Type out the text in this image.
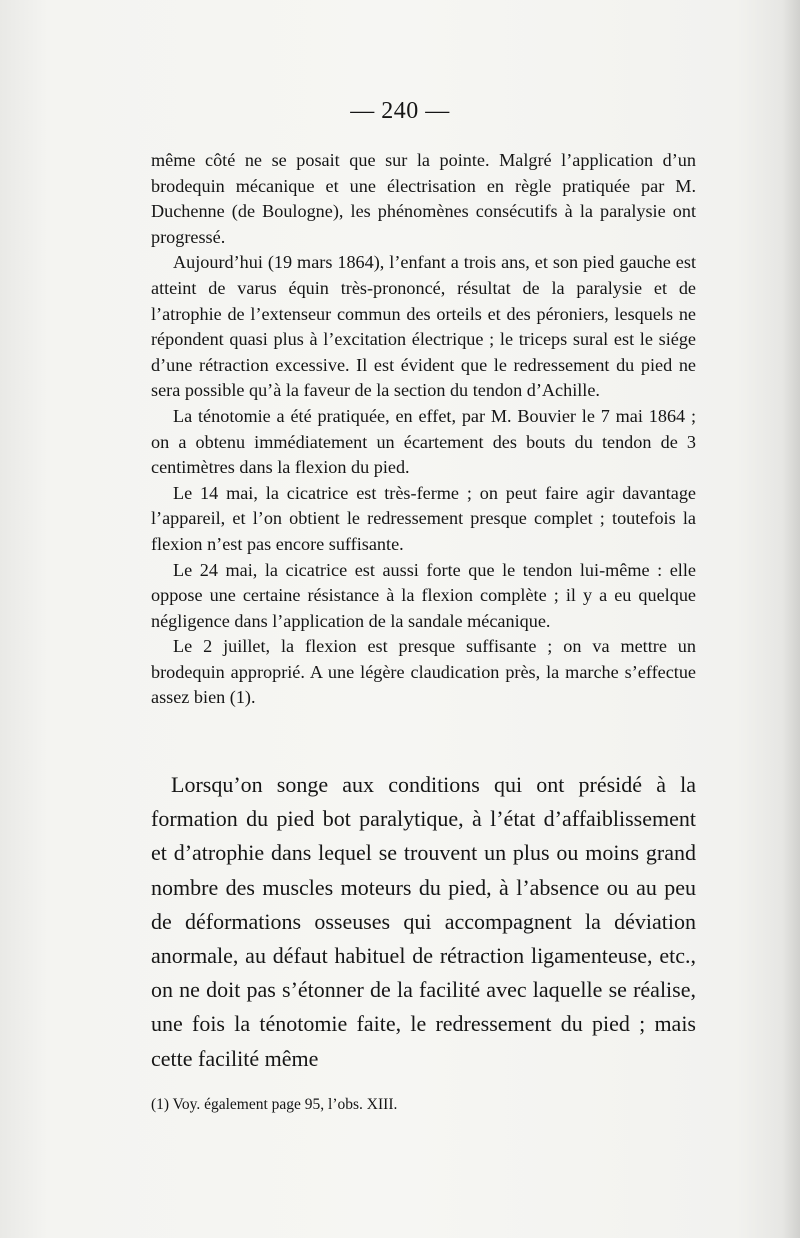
— 240 —

même côté ne se posait que sur la pointe. Malgré l’application d’un brodequin mécanique et une électrisation en règle pratiquée par M. Duchenne (de Boulogne), les phénomènes consécutifs à la paralysie ont progressé.

Aujourd’hui (19 mars 1864), l’enfant a trois ans, et son pied gauche est atteint de varus équin très-prononcé, résultat de la paralysie et de l’atrophie de l’extenseur commun des orteils et des péroniers, lesquels ne répondent quasi plus à l’excitation électrique ; le triceps sural est le siége d’une rétraction excessive. Il est évident que le redressement du pied ne sera possible qu’à la faveur de la section du tendon d’Achille.

La ténotomie a été pratiquée, en effet, par M. Bouvier le 7 mai 1864 ; on a obtenu immédiatement un écartement des bouts du tendon de 3 centimètres dans la flexion du pied.

Le 14 mai, la cicatrice est très-ferme ; on peut faire agir davantage l’appareil, et l’on obtient le redressement presque complet ; toutefois la flexion n’est pas encore suffisante.

Le 24 mai, la cicatrice est aussi forte que le tendon lui-même : elle oppose une certaine résistance à la flexion complète ; il y a eu quelque négligence dans l’application de la sandale mécanique.

Le 2 juillet, la flexion est presque suffisante ; on va mettre un brodequin approprié. A une légère claudication près, la marche s’effectue assez bien (1).

Lorsqu’on songe aux conditions qui ont présidé à la formation du pied bot paralytique, à l’état d’affaiblissement et d’atrophie dans lequel se trouvent un plus ou moins grand nombre des muscles moteurs du pied, à l’absence ou au peu de déformations osseuses qui accompagnent la déviation anormale, au défaut habituel de rétraction ligamenteuse, etc., on ne doit pas s’étonner de la facilité avec laquelle se réalise, une fois la ténotomie faite, le redressement du pied ; mais cette facilité même

(1) Voy. également page 95, l’obs. XIII.
